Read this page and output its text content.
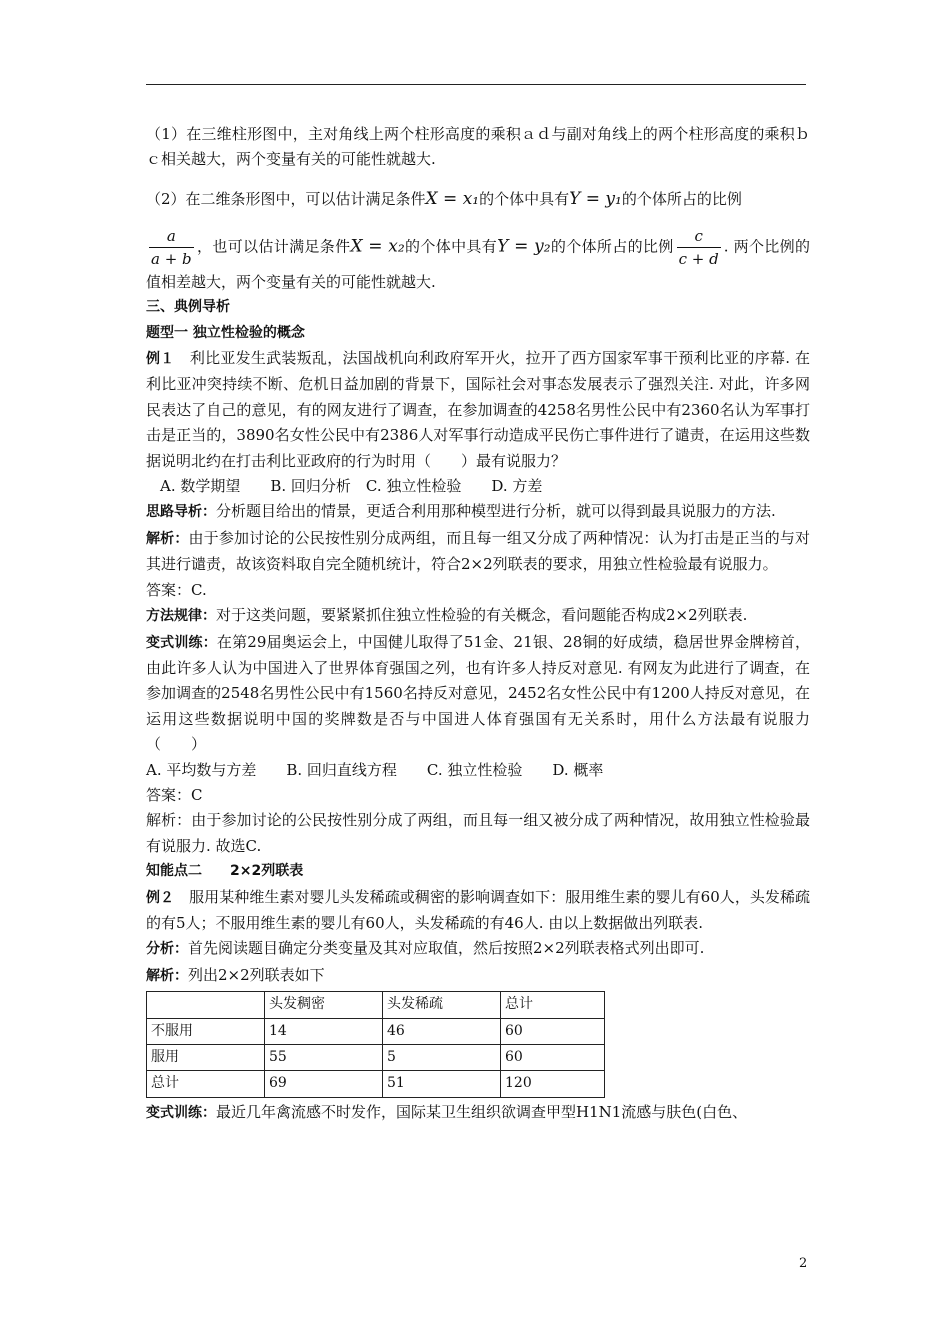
（1）在三维柱形图中，主对角线上两个柱形高度的乘积ａｄ与副对角线上的两个柱形高度的乘积ｂｃ相关越大，两个变量有关的可能性就越大.

（2）在二维条形图中，可以估计满足条件X = x₁的个体中具有Y = y₁的个体所占的比例

$\frac{a}{a + b}$ ，也可以估计满足条件X = x₂的个体中具有Y = y₂的个体所占的比例 $\frac{c}{c + d}$ . 两个比例的值相差越大，两个变量有关的可能性就越大.

三、典例导析

题型一 独立性检验的概念

例１　利比亚发生武装叛乱，法国战机向利政府军开火，拉开了西方国家军事干预利比亚的序幕. 在利比亚冲突持续不断、危机日益加剧的背景下，国际社会对事态发展表示了强烈关注. 对此，许多网民表达了自己的意见，有的网友进行了调查，在参加调查的4258名男性公民中有2360名认为军事打击是正当的，3890名女性公民中有2386人对军事行动造成平民伤亡事件进行了谴责，在运用这些数据说明北约在打击利比亚政府的行为时用（　　）最有说服力？

A. 数学期望　　B. 回归分析　C. 独立性检验　　D. 方差

思路导析：分析题目给出的情景，更适合利用那种模型进行分析，就可以得到最具说服力的方法.

解析：由于参加讨论的公民按性别分成两组，而且每一组又分成了两种情况：认为打击是正当的与对其进行谴责，故该资料取自完全随机统计，符合2×2列联表的要求，用独立性检验最有说服力。

答案：C.

方法规律：对于这类问题，要紧紧抓住独立性检验的有关概念，看问题能否构成2×2列联表.

变式训练：在第29届奥运会上，中国健儿取得了51金、21银、28铜的好成绩，稳居世界金牌榜首，由此许多人认为中国进入了世界体育强国之列，也有许多人持反对意见. 有网友为此进行了调查，在参加调查的2548名男性公民中有1560名持反对意见，2452名女性公民中有1200人持反对意见，在运用这些数据说明中国的奖牌数是否与中国进人体育强国有无关系时，用什么方法最有说服力（　　）

A. 平均数与方差　　B. 回归直线方程　　C. 独立性检验　　D. 概率

答案：C

解析：由于参加讨论的公民按性别分成了两组，而且每一组又被分成了两种情况，故用独立性检验最有说服力. 故选C.

知能点二　　2×2列联表

例２　服用某种维生素对婴儿头发稀疏或稠密的影响调查如下：服用维生素的婴儿有60人，头发稀疏的有5人；不服用维生素的婴儿有60人，头发稀疏的有46人. 由以上数据做出列联表.

分析：首先阅读题目确定分类变量及其对应取值，然后按照2×2列联表格式列出即可.

解析：列出2×2列联表如下

	头发稠密	头发稀疏	总计
不服用	14	46	60
服用	55	5	60
总计	69	51	120

变式训练：最近几年禽流感不时发作，国际某卫生组织欲调查甲型H1N1流感与肤色(白色、

2
